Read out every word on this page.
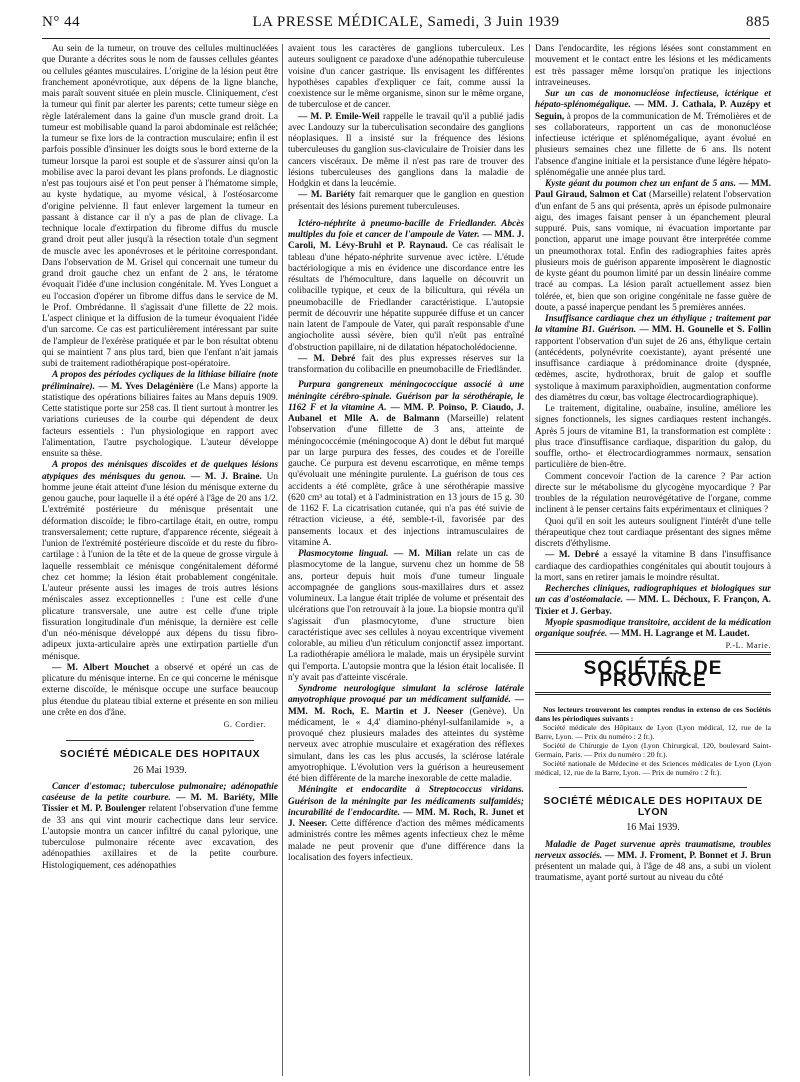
N° 44	LA PRESSE MÉDICALE, Samedi, 3 Juin 1939	885

Au sein de la tumeur, on trouve des cellules multinucléées que Durante a décrites sous le nom de fausses cellules géantes ou cellules géantes musculaires. L'origine de la lésion peut être franchement aponévrotique, aux dépens de la ligne blanche, mais paraît souvent située en plein muscle. Cliniquement, c'est la tumeur qui finit par alerter les parents; cette tumeur siège en règle latéralement dans la gaine d'un muscle grand droit. La tumeur est mobilisable quand la paroi abdominale est relâchée; la tumeur se fixe lors de la contraction musculaire; enfin il est parfois possible d'insinuer les doigts sous le bord externe de la tumeur lorsque la paroi est souple et de s'assurer ainsi qu'on la mobilise avec la paroi devant les plans profonds. Le diagnostic n'est pas toujours aisé et l'on peut penser à l'hématome simple, au kyste hydatique, au myome vésical, à l'ostéosarcome d'origine pelvienne. Il faut enlever largement la tumeur en passant à distance car il n'y a pas de plan de clivage. La technique locale d'extirpation du fibrome diffus du muscle grand droit peut aller jusqu'à la résection totale d'un segment de muscle avec les aponévroses et le péritoine correspondant. Dans l'observation de M. Grisel qui concernait une tumeur du grand droit gauche chez un enfant de 2 ans, le tératome évoquait l'idée d'une inclusion congénitale. M. Yves Longuet a eu l'occasion d'opérer un fibrome diffus dans le service de M. le Prof. Ombrédanne. Il s'agissait d'une fillette de 22 mois. L'aspect clinique et la diffusion de la tumeur évoquaient l'idée d'un sarcome. Ce cas est particulièrement intéressant par suite de l'ampleur de l'exérèse pratiquée et par le bon résultat obtenu qui se maintient 7 ans plus tard, bien que l'enfant n'ait jamais subi de traitement radiothérapique post-opératoire.

A propos des périodes cycliques de la lithiase biliaire (note préliminaire). — M. Yves Delagénière (Le Mans) apporte la statistique des opérations biliaires faites au Mans depuis 1909. Cette statistique porte sur 258 cas. Il tient surtout à montrer les variations curieuses de la courbe qui dépendent de deux facteurs essentiels : l'un physiologique en rapport avec l'alimentation, l'autre psychologique. L'auteur développe ensuite sa thèse.

A propos des ménisques discoïdes et de quelques lésions atypiques des ménisques du genou. — M. J. Braine. Un homme jeune était atteint d'une lésion du ménisque externe du genou gauche, pour laquelle il a été opéré à l'âge de 20 ans 1/2. L'extrémité postérieure du ménisque présentait une déformation discoïde; le fibro-cartilage était, en outre, rompu transversalement; cette rupture, d'apparence récente, siégeait à l'union de l'extrémité postérieure discoïde et du reste du fibro-cartilage : à l'union de la tête et de la queue de grosse virgule à laquelle ressemblait ce ménisque congénitalement déformé chez cet homme; la lésion était probablement congénitale. L'auteur présente aussi les images de trois autres lésions méniscales assez exceptionnelles : l'une est celle d'une plicature transversale, une autre est celle d'une triple fissuration longitudinale d'un ménisque, la dernière est celle d'un néo-ménisque développé aux dépens du tissu fibro-adipeux juxta-articulaire après une extirpation partielle d'un ménisque.

— M. Albert Mouchet a observé et opéré un cas de plicature du ménisque interne. En ce qui concerne le ménisque externe discoïde, le ménisque occupe une surface beaucoup plus étendue du plateau tibial externe et présente en son milieu une crête en dos d'âne.

G. Cordier.
SOCIÉTÉ MÉDICALE DES HOPITAUX
26 Mai 1939.

Cancer d'estomac; tuberculose pulmonaire; adénopathie caséeuse de la petite courbure. — M. M. Bariéty, Mlle Tissier et M. P. Boulenger relatent l'observation d'une femme de 33 ans qui vint mourir cachectique dans leur service. L'autopsie montra un cancer infiltré du canal pylorique, une tuberculose pulmonaire récente avec excavation, des adénopathies axillaires et de la petite courbure. Histologiquement, ces adénopathies

avaient tous les caractères de ganglions tuberculeux. Les auteurs soulignent ce paradoxe d'une adénopathie tuberculeuse voisine d'un cancer gastrique. Ils envisagent les différentes hypothèses capables d'expliquer ce fait, comme aussi la coexistence sur le même organisme, sinon sur le même organe, de tuberculose et de cancer.

— M. P. Emile-Weil rappelle le travail qu'il a publié jadis avec Landouzy sur la tuberculisation secondaire des ganglions néoplasiques. Il a insisté sur la fréquence des lésions tuberculeuses du ganglion sus-claviculaire de Troisier dans les cancers viscéraux. De même il n'est pas rare de trouver des lésions tuberculeuses des ganglions dans la maladie de Hodgkin et dans la leucémie.

— M. Bariéty fait remarquer que le ganglion en question présentait des lésions purement tuberculeuses.

Ictéro-néphrite à pneumo-bacille de Friedlander. Abcès multiples du foie et cancer de l'ampoule de Vater. — MM. J. Caroli, M. Lévy-Bruhl et P. Raynaud. Ce cas réalisait le tableau d'une hépato-néphrite survenue avec ictère. L'étude bactériologique a mis en évidence une discordance entre les résultats de l'hémoculture, dans laquelle on découvrit un colibacille typique, et ceux de la bilicultura, qui révéla un pneumobacille de Friedlander caractéristique. L'autopsie permit de découvrir une hépatite suppurée diffuse et un cancer nain latent de l'ampoule de Vater, qui paraît responsable d'une angiocholite aussi sévère, bien qu'il n'eût pas entraîné d'obstruction papillaire, ni de dilatation hépatocholédocienne.

— M. Debré fait des plus expresses réserves sur la transformation du colibacille en pneumobacille de Friedländer.

Purpura gangreneux méningococcique associé à une méningite cérébro-spinale. Guérison par la sérothérapie, le 1162 F et la vitamine A. — MM. P. Poinso, P. Ciaudo, J. Aubanel et Mlle A. de Balmann (Marseille) relatent l'observation d'une fillette de 3 ans, atteinte de méningococcémie (méningocoque A) dont le début fut marqué par un large purpura des fesses, des coudes et de l'oreille gauche. Ce purpura est devenu escarrotique, en même temps qu'évoluait une méningite purulente. La guérison de tous ces accidents a été complète, grâce à une sérothérapie massive (620 cm³ au total) et à l'administration en 13 jours de 15 g. 30 de 1162 F. La cicatrisation cutanée, qui n'a pas été suivie de rétraction vicieuse, a été, semble-t-il, favorisée par des pansements locaux et des injections intramusculaires de vitamine A.

Plasmocytome lingual. — M. Milian relate un cas de plasmocytome de la langue, survenu chez un homme de 58 ans, porteur depuis huit mois d'une tumeur linguale accompagnée de ganglions sous-maxillaires durs et assez volumineux. La langue était triplée de volume et présentait des ulcérations que l'on retrouvait à la joue. La biopsie montra qu'il s'agissait d'un plasmocytome, d'une structure bien caractéristique avec ses cellules à noyau excentrique vivement colorable, au milieu d'un réticulum conjonctif assez important. La radiothérapie améliora le malade, mais un érysipèle survint qui l'emporta. L'autopsie montra que la lésion était localisée. Il n'y avait pas d'atteinte viscérale.

Syndrome neurologique simulant la sclérose latérale amyotrophique provoqué par un médicament sulfamidé. — MM. M. Roch, E. Martin et J. Neeser (Genève). Un médicament, le « 4,4' diamino-phényl-sulfanilamide », a provoqué chez plusieurs malades des atteintes du système nerveux avec atrophie musculaire et exagération des réflexes simulant, dans les cas les plus accusés, la sclérose latérale amyotrophique. L'évolution vers la guérison a heureusement été bien différente de la marche inexorable de cette maladie.

Méningite et endocardite à Streptococcus viridans. Guérison de la méningite par les médicaments sulfamidés; incurabilité de l'endocardite. — MM. M. Roch, R. Junet et J. Neeser. Cette différence d'action des mêmes médicaments administrés contre les mêmes agents infectieux chez le même malade ne peut provenir que d'une différence dans la localisation des foyers infectieux.

Dans l'endocardite, les régions lésées sont constamment en mouvement et le contact entre les lésions et les médicaments est très passager même lorsqu'on pratique les injections intraveineuses.

Sur un cas de mononucléose infectieuse, ictérique et hépato-splénomégalique. — MM. J. Cathala, P. Auzépy et Seguin, à propos de la communication de M. Trémolières et de ses collaborateurs, rapportent un cas de mononucléose infectieuse ictérique et splénomégalique, ayant évolué en plusieurs semaines chez une fillette de 6 ans. Ils notent l'absence d'angine initiale et la persistance d'une légère hépato-splénomégalie une année plus tard.

Kyste géant du poumon chez un enfant de 5 ans. — MM. Paul Giraud, Salmon et Cat (Marseille) relatent l'observation d'un enfant de 5 ans qui présenta, après un épisode pulmonaire aigu, des images faisant penser à un épanchement pleural suppuré. Puis, sans vomique, ni évacuation importante par ponction, apparut une image pouvant être interprétée comme un pneumothorax total. Enfin des radiographies faites après plusieurs mois de guérison apparente imposèrent le diagnostic de kyste géant du poumon limité par un dessin linéaire comme tracé au compas. La lésion paraît actuellement assez bien tolérée, et, bien que son origine congénitale ne fasse guère de doute, a passé inaperçue pendant les 5 premières années.

Insuffisance cardiaque chez un éthylique ; traitement par la vitamine B1. Guérison. — MM. H. Gounelle et S. Follin rapportent l'observation d'un sujet de 26 ans, éthylique certain (antécédents, polynévrite coexistante), ayant présenté une insuffisance cardiaque à prédominance droite (dyspnée, œdèmes, ascite, hydrothorax, bruit de galop et souffle systolique à maximum paraxiphoïdien, augmentation conforme des diamètres du cœur, bas voltage électrocardiographique).

Le traitement, digitaline, ouabaïne, insuline, améliore les signes fonctionnels, les signes cardiaques restent inchangés. Après 5 jours de vitamine B1, la transformation est complète : plus trace d'insuffisance cardiaque, disparition du galop, du souffle, ortho- et électrocardiogrammes normaux, sensation particulière de bien-être.

Comment concevoir l'action de la carence ? Par action directe sur le métabolisme du glycogène myocardique ? Par troubles de la régulation neurovégétative de l'organe, comme inclinent à le penser certains faits expérimentaux et cliniques ?

Quoi qu'il en soit les auteurs soulignent l'intérêt d'une telle thérapeutique chez tout cardiaque présentant des signes même discrets d'éthylisme.

— M. Debré a essayé la vitamine B dans l'insuffisance cardiaque des cardiopathies congénitales qui aboutit toujours à la mort, sans en retirer jamais le moindre résultat.

Recherches cliniques, radiographiques et biologiques sur un cas d'ostéomalacie. — MM. L. Déchoux, F. Françon, A. Tixier et J. Gerbay.

Myopie spasmodique transitoire, accident de la médication organique soufrée. — MM. H. Lagrange et M. Laudet.
P.-L. Marie.

SOCIÉTÉS DE PROVINCE

Nos lecteurs trouveront les comptes rendus in extenso de ces Sociétés dans les périodiques suivants :

Société médicale des Hôpitaux de Lyon (Lyon médical, 12, rue de la Barre, Lyon. — Prix du numéro : 2 fr.).

Société de Chirurgie de Lyon (Lyon Chirurgical, 120, boulevard Saint-Germain, Paris. — Prix du numéro : 20 fr.).

Société nationale de Médecine et des Sciences médicales de Lyon (Lyon médical, 12, rue de la Barre, Lyon. — Prix de numéro : 2 fr.).

SOCIÉTÉ MÉDICALE DES HOPITAUX DE LYON
16 Mai 1939.

Maladie de Paget survenue après traumatisme, troubles nerveux associés. — MM. J. Froment, P. Bonnet et J. Brun présentent un malade qui, à l'âge de 48 ans, a subi un violent traumatisme, ayant porté surtout au niveau du côté
